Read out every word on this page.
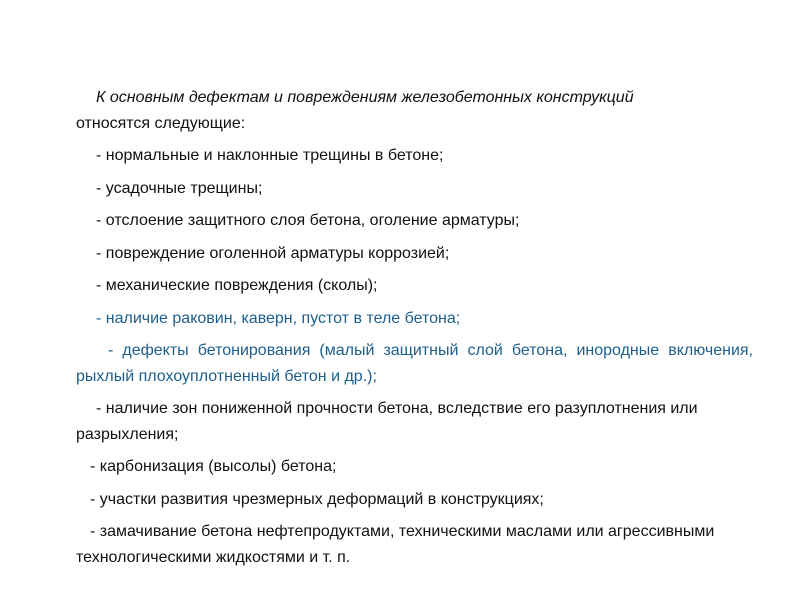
К основным дефектам и повреждениям железобетонных конструкций
относятся следующие:

- нормальные и наклонные трещины в бетоне;

- усадочные трещины;

- отслоение защитного слоя бетона, оголение арматуры;

- повреждение оголенной арматуры коррозией;

- механические повреждения (сколы);

- наличие раковин, каверн, пустот в теле бетона;

- дефекты бетонирования (малый защитный слой бетона, инородные включения, рыхлый плохоуплотненный бетон и др.);

- наличие зон пониженной прочности бетона, вследствие его разуплотнения или разрыхления;

- карбонизация (высолы) бетона;

- участки развития чрезмерных деформаций в конструкциях;

- замачивание бетона нефтепродуктами, техническими маслами или агрессивными технологическими жидкостями и т. п.
